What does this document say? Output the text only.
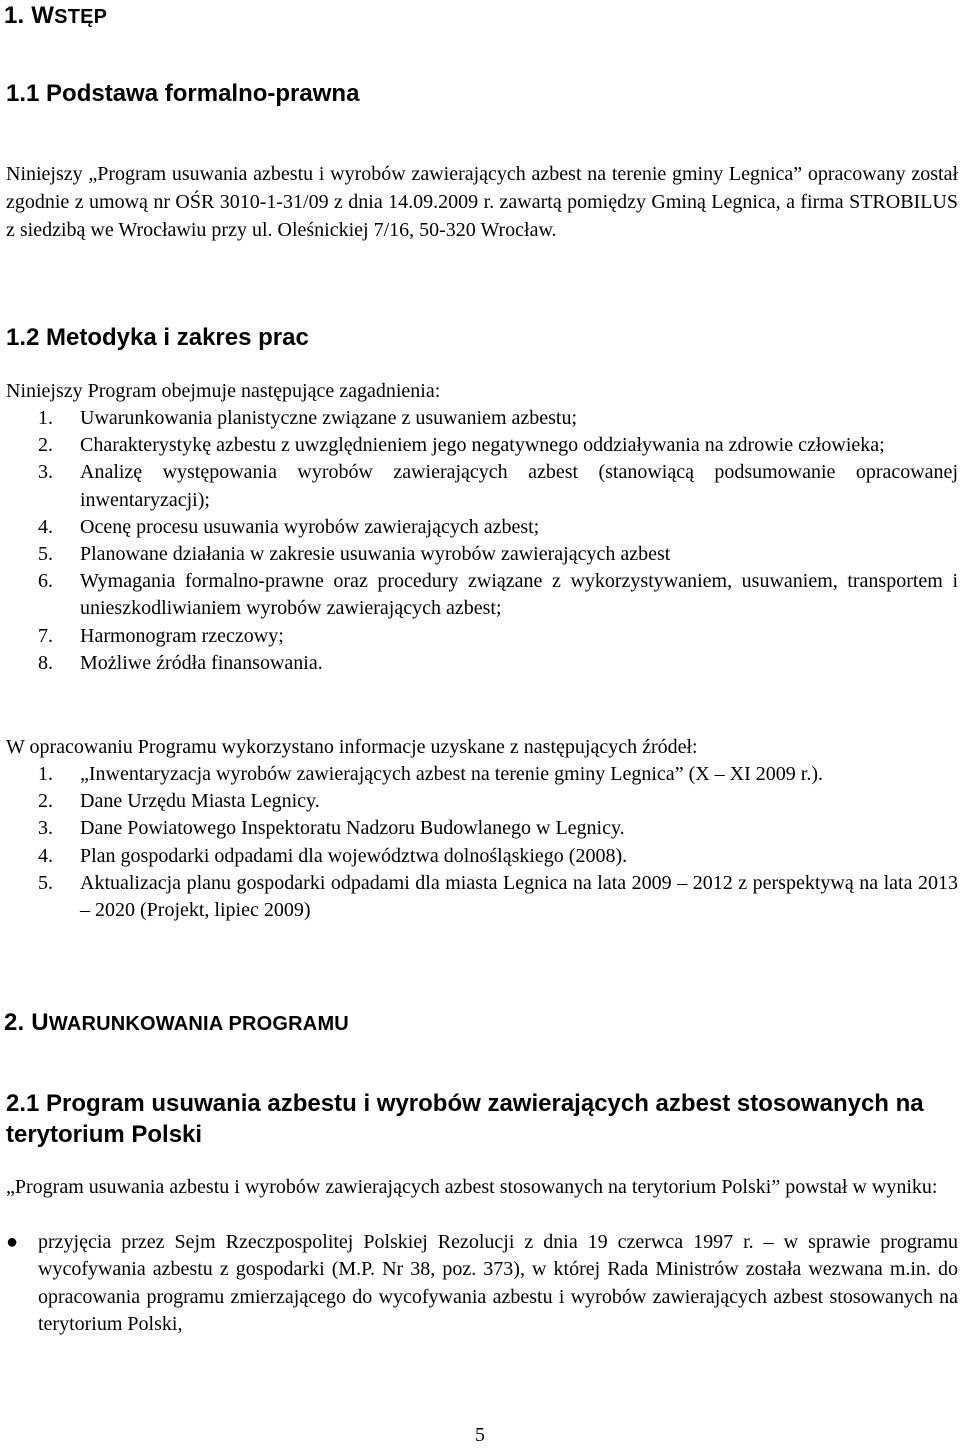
1. WSTĘP
1.1 Podstawa formalno-prawna
Niniejszy „Program usuwania azbestu i wyrobów zawierających azbest na terenie gminy Legnica” opracowany został zgodnie z umową nr OŚR 3010-1-31/09 z dnia 14.09.2009 r. zawartą pomiędzy Gminą Legnica, a firma STROBILUS z siedzibą we Wrocławiu przy ul. Oleśnickiej 7/16, 50-320 Wrocław.
1.2 Metodyka i zakres prac
Niniejszy Program obejmuje następujące zagadnienia:
1. Uwarunkowania planistyczne związane z usuwaniem azbestu;
2. Charakterystykę azbestu z uwzględnieniem jego negatywnego oddziaływania na zdrowie człowieka;
3. Analizę występowania wyrobów zawierających azbest (stanowiącą podsumowanie opracowanej inwentaryzacji);
4. Ocenę procesu usuwania wyrobów zawierających azbest;
5. Planowane działania w zakresie usuwania wyrobów zawierających azbest
6. Wymagania formalno-prawne oraz procedury związane z wykorzystywaniem, usuwaniem, transportem i unieszkodliwianiem wyrobów zawierających azbest;
7. Harmonogram rzeczowy;
8. Możliwe źródła finansowania.
W opracowaniu Programu wykorzystano informacje uzyskane z następujących źródeł:
1. „Inwentaryzacja wyrobów zawierających azbest na terenie gminy Legnica” (X – XI 2009 r.).
2. Dane Urzędu Miasta Legnicy.
3. Dane Powiatowego Inspektoratu Nadzoru Budowlanego w Legnicy.
4. Plan gospodarki odpadami dla województwa dolnośląskiego (2008).
5. Aktualizacja planu gospodarki odpadami dla miasta Legnica na lata 2009 – 2012 z perspektywą na lata 2013 – 2020 (Projekt, lipiec 2009)
2. UWARUNKOWANIA PROGRAMU
2.1 Program usuwania azbestu i wyrobów zawierających azbest stosowanych na terytorium Polski
„Program usuwania azbestu i wyrobów zawierających azbest stosowanych na terytorium Polski” powstał w wyniku:
● przyjęcia przez Sejm Rzeczpospolitej Polskiej Rezolucji z dnia 19 czerwca 1997 r. – w sprawie programu wycofywania azbestu z gospodarki (M.P. Nr 38, poz. 373), w której Rada Ministrów została wezwana m.in. do opracowania programu zmierzającego do wycofywania azbestu i wyrobów zawierających azbest stosowanych na terytorium Polski,
5
